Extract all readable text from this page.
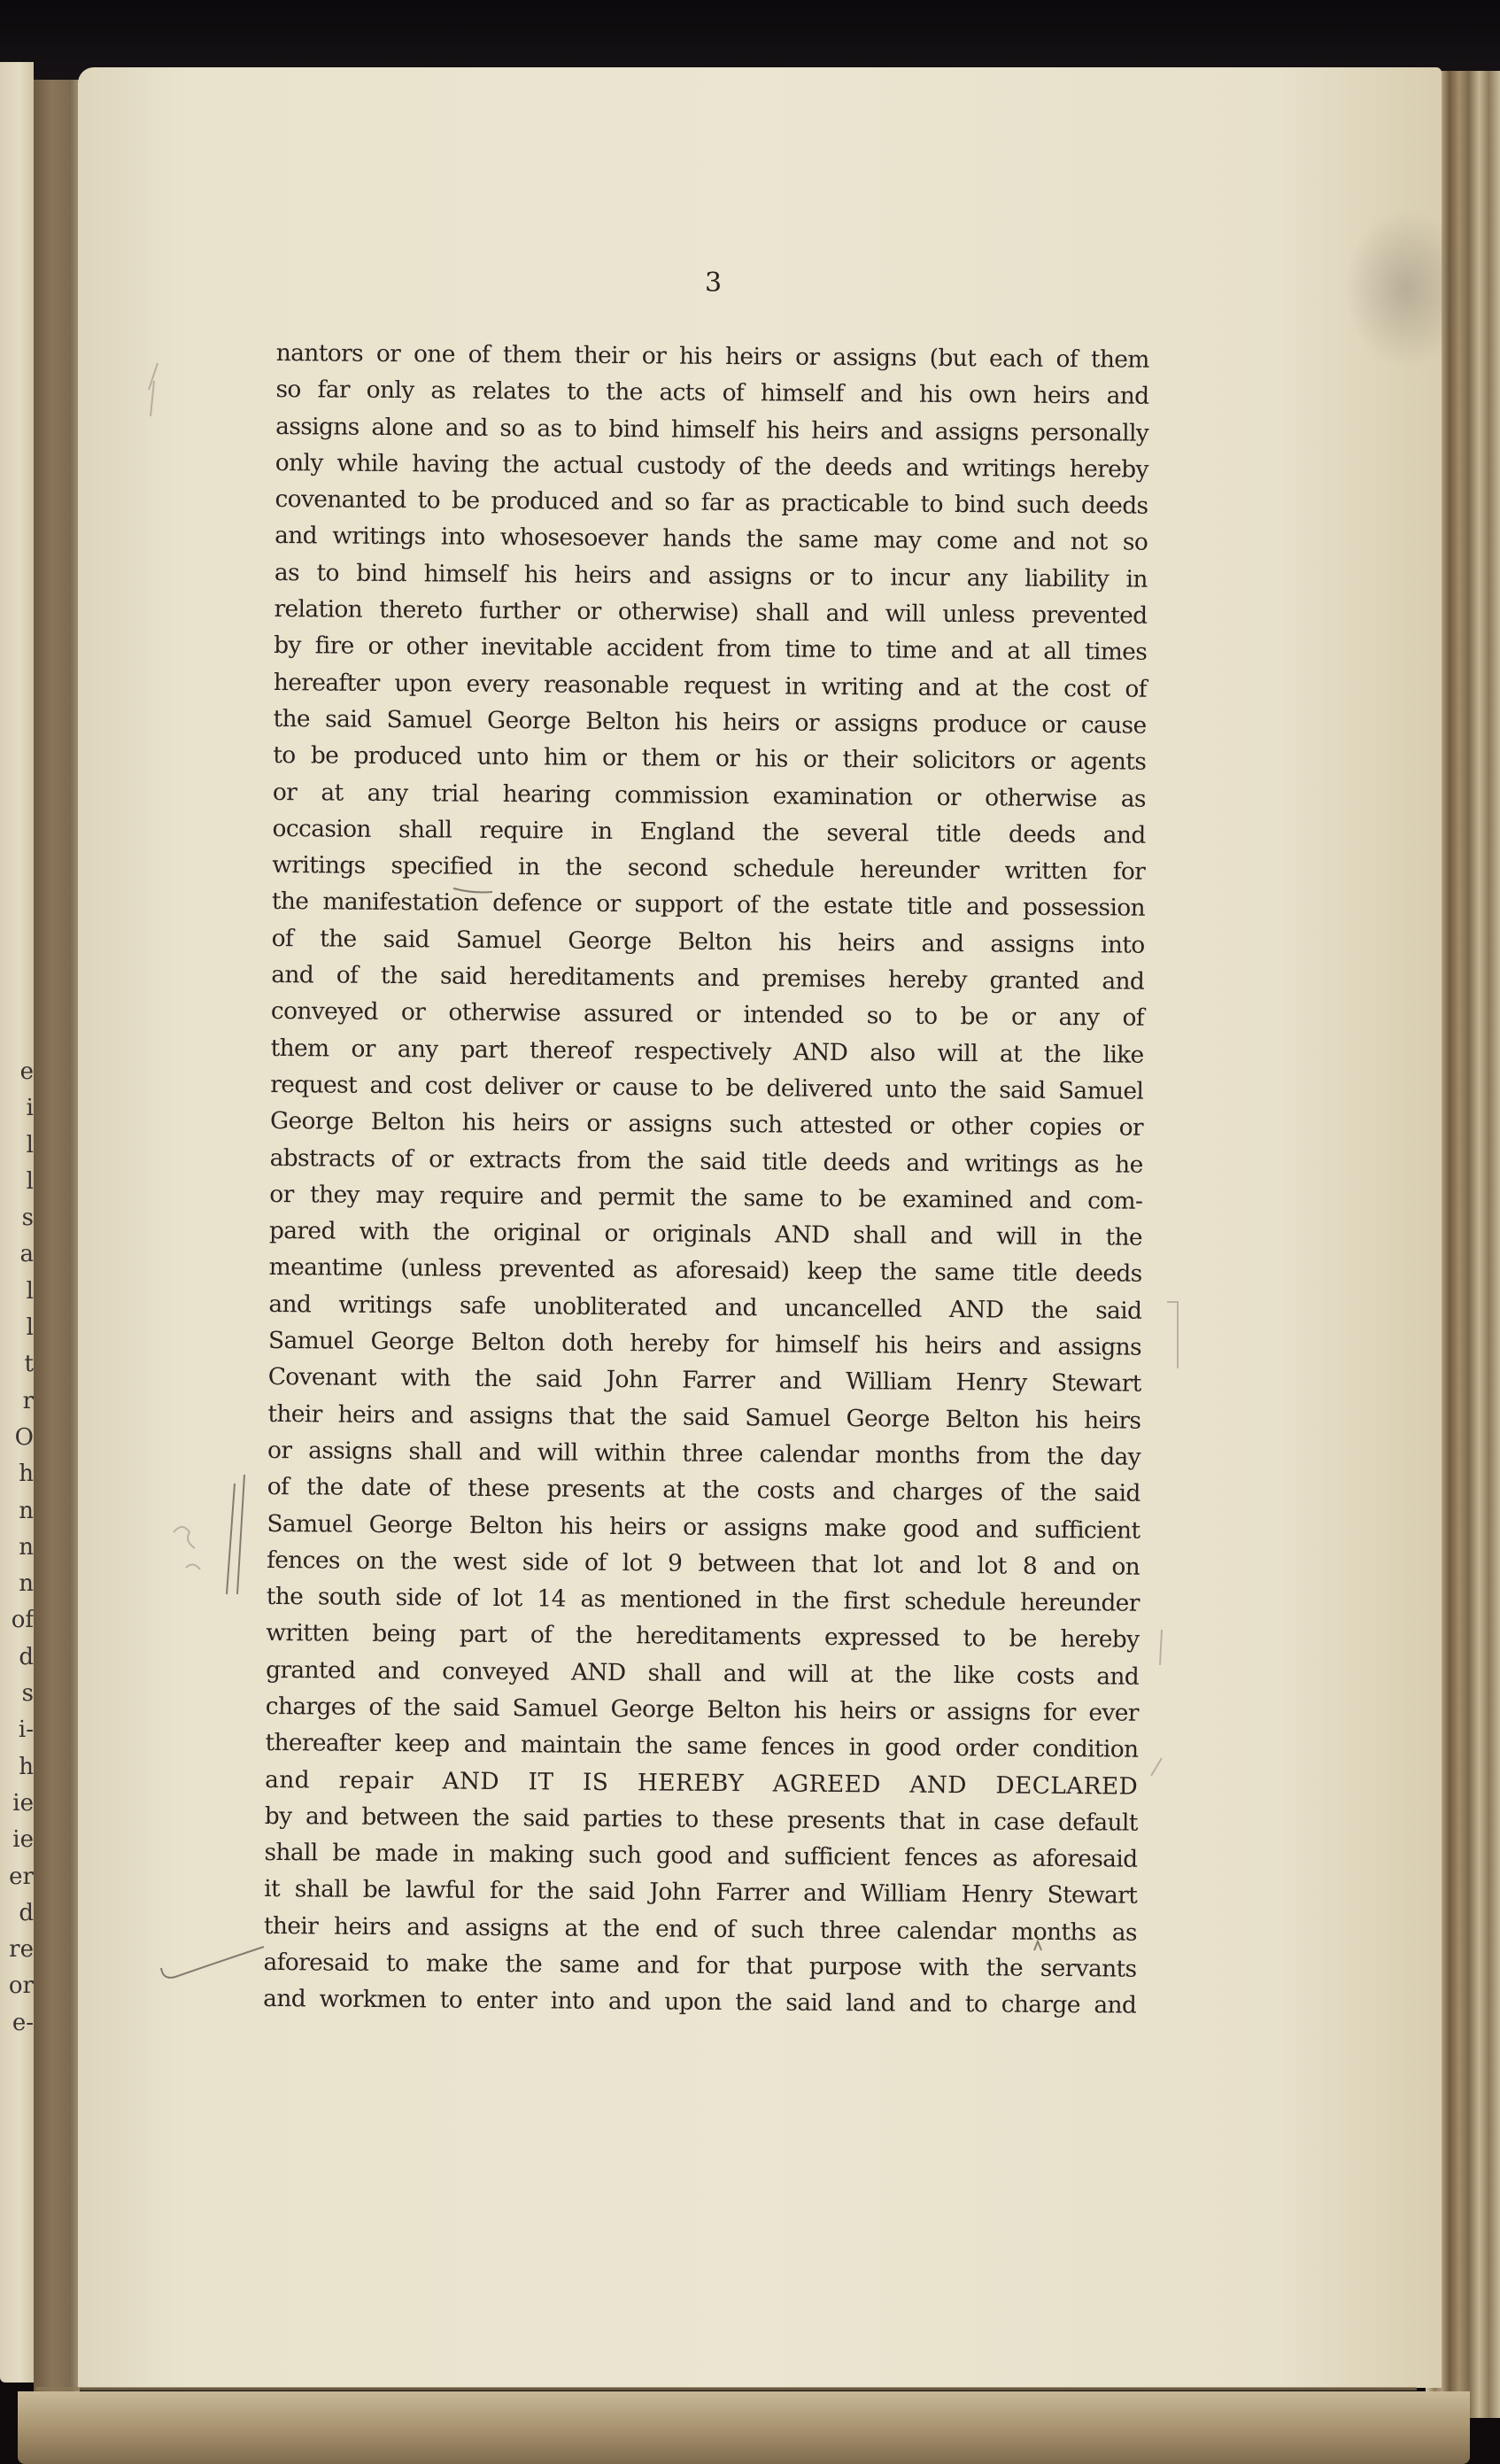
e
i
l
l
s
a
l
l
t
r
O
h
n
n
n
of
d
s
i-
h
ie
ie
er
d
re
or
e-
3
nantors or one of them their or his heirs or assigns (but each of them
so far only as relates to the acts of himself and his own heirs and
assigns alone and so as to bind himself his heirs and assigns personally
only while having the actual custody of the deeds and writings hereby
covenanted to be produced and so far as practicable to bind such deeds
and writings into whosesoever hands the same may come and not so
as to bind himself his heirs and assigns or to incur any liability in
relation thereto further or otherwise) shall and will unless prevented
by fire or other inevitable accident from time to time and at all times
hereafter upon every reasonable request in writing and at the cost of
the said Samuel George Belton his heirs or assigns produce or cause
to be produced unto him or them or his or their solicitors or agents
or at any trial hearing commission examination or otherwise as
occasion shall require in England the several title deeds and
writings specified in the second schedule hereunder written for
the manifestation defence or support of the estate title and possession
of the said Samuel George Belton his heirs and assigns into
and of the said hereditaments and premises hereby granted and
conveyed or otherwise assured or intended so to be or any of
them or any part thereof respectively AND also will at the like
request and cost deliver or cause to be delivered unto the said Samuel
George Belton his heirs or assigns such attested or other copies or
abstracts of or extracts from the said title deeds and writings as he
or they may require and permit the same to be examined and com-
pared with the original or originals AND shall and will in the
meantime (unless prevented as aforesaid) keep the same title deeds
and writings safe unobliterated and uncancelled AND the said
Samuel George Belton doth hereby for himself his heirs and assigns
Covenant with the said John Farrer and William Henry Stewart
their heirs and assigns that the said Samuel George Belton his heirs
or assigns shall and will within three calendar months from the day
of the date of these presents at the costs and charges of the said
Samuel George Belton his heirs or assigns make good and sufficient
fences on the west side of lot 9 between that lot and lot 8 and on
the south side of lot 14 as mentioned in the first schedule hereunder
written being part of the hereditaments expressed to be hereby
granted and conveyed AND shall and will at the like costs and
charges of the said Samuel George Belton his heirs or assigns for ever
thereafter keep and maintain the same fences in good order condition
and repair AND IT IS HEREBY AGREED AND DECLARED
by and between the said parties to these presents that in case default
shall be made in making such good and sufficient fences as aforesaid
it shall be lawful for the said John Farrer and William Henry Stewart
their heirs and assigns at the end of such three calendar months as
aforesaid to make the same and for that purpose with the servants
and workmen to enter into and upon the said land and to charge and
